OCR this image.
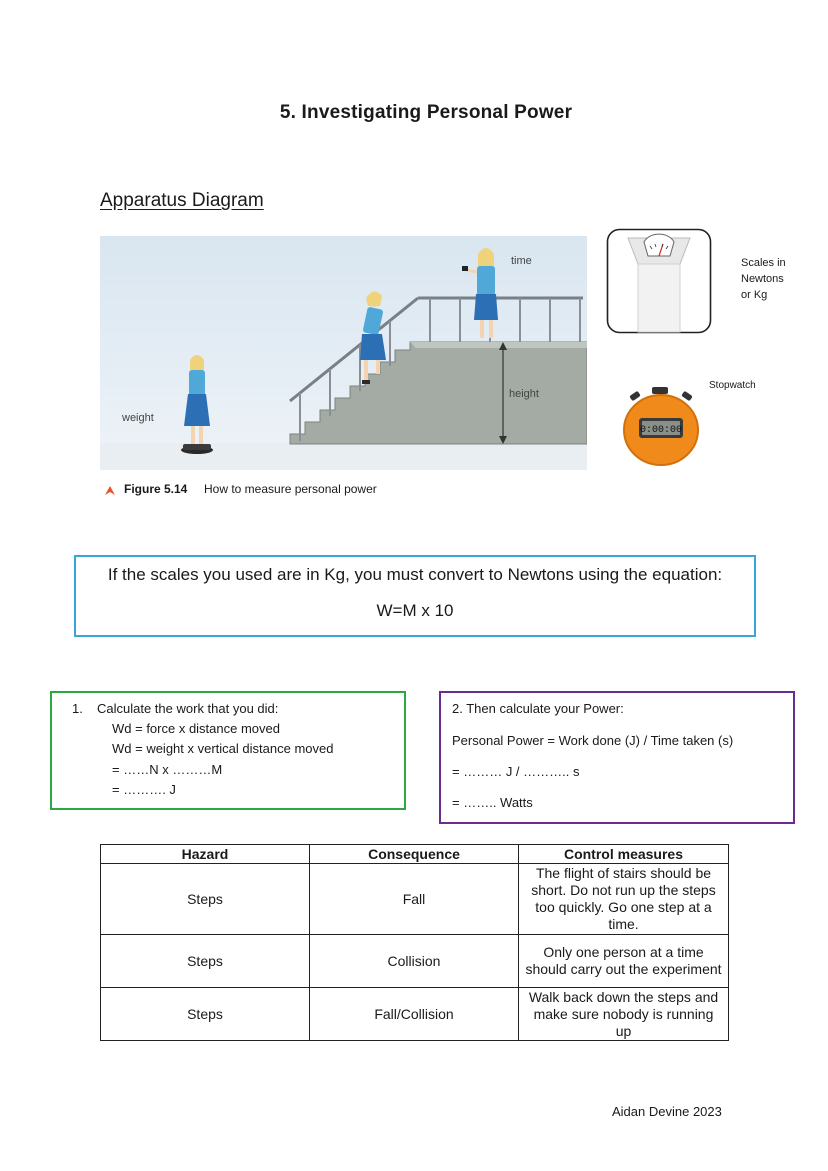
5. Investigating Personal Power
Apparatus Diagram
time
height
weight
Figure 5.14 How to measure personal power
Scales in
Newtons
or Kg
0:00:00
Stopwatch
If the scales you used are in Kg, you must convert to Newtons using the equation:
W=M x 10
1. Calculate the work that you did:
Wd = force x distance moved
Wd = weight x vertical distance moved
= ……N x ………M
= ………. J
2. Then calculate your Power:
Personal Power = Work done (J) / Time taken (s)
= ……… J / ……….. s
= …….. Watts
Hazard	Consequence	Control measures
Steps	Fall	The flight of stairs should be short. Do not run up the steps too quickly. Go one step at a time.
Steps	Collision	Only one person at a time should carry out the experiment
Steps	Fall/Collision	Walk back down the steps and make sure nobody is running up
Aidan Devine 2023
